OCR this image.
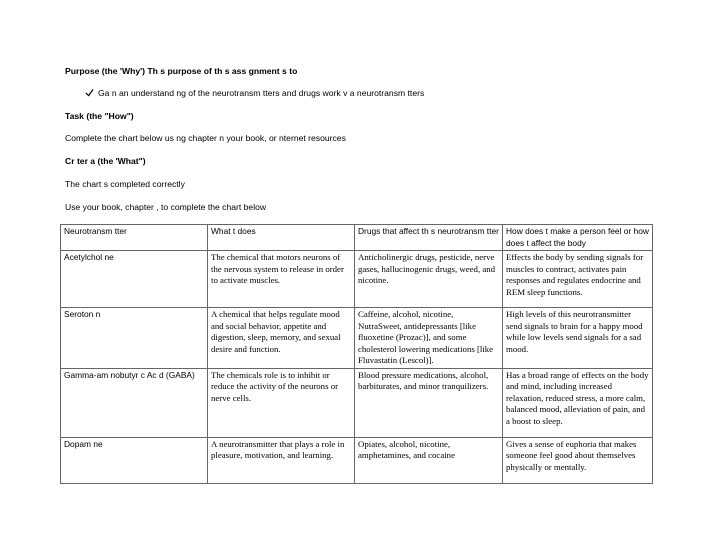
Purpose (the 'Why') Th s purpose of th s ass gnment s to
Ga n an understand ng of the neurotransm tters and drugs work v a neurotransm tters
Task (the "How")
Complete the chart below us ng chapter n your book, or nternet resources
Cr ter a (the 'What")
The chart s completed correctly
Use your book, chapter , to complete the chart below
Neurotransm tter	What t does	Drugs that affect th s neurotransm tter	How does t make a person feel or how does t affect the body
Acetylchol ne	The chemical that motors neurons of the nervous system to release in order to activate muscles.	Anticholinergic drugs, pesticide, nerve gases, hallucinogenic drugs, weed, and nicotine.	Effects the body by sending signals for muscles to contract, activates pain responses and regulates endocrine and REM sleep functions.
Seroton n	A chemical that helps regulate mood and social behavior, appetite and digestion, sleep, memory, and sexual desire and function.	Caffeine, alcohol, nicotine, NutraSweet, antidepressants [like fluoxetine (Prozac)], and some cholesterol lowering medications [like Fluvastatin (Lescol)].	High levels of this neurotransmitter send signals to brain for a happy mood while low levels send signals for a sad mood.
Gamma-am nobutyr c Ac d (GABA)	The chemicals role is to inhibit or reduce the activity of the neurons or nerve cells.	Blood pressure medications, alcohol, barbiturates, and minor tranquilizers.	Has a broad range of effects on the body and mind, including increased relaxation, reduced stress, a more calm, balanced mood, alleviation of pain, and a boost to sleep.
Dopam ne	A neurotransmitter that plays a role in pleasure, motivation, and learning.	Opiates, alcohol, nicotine, amphetamines, and cocaine	Gives a sense of euphoria that makes someone feel good about themselves physically or mentally.
